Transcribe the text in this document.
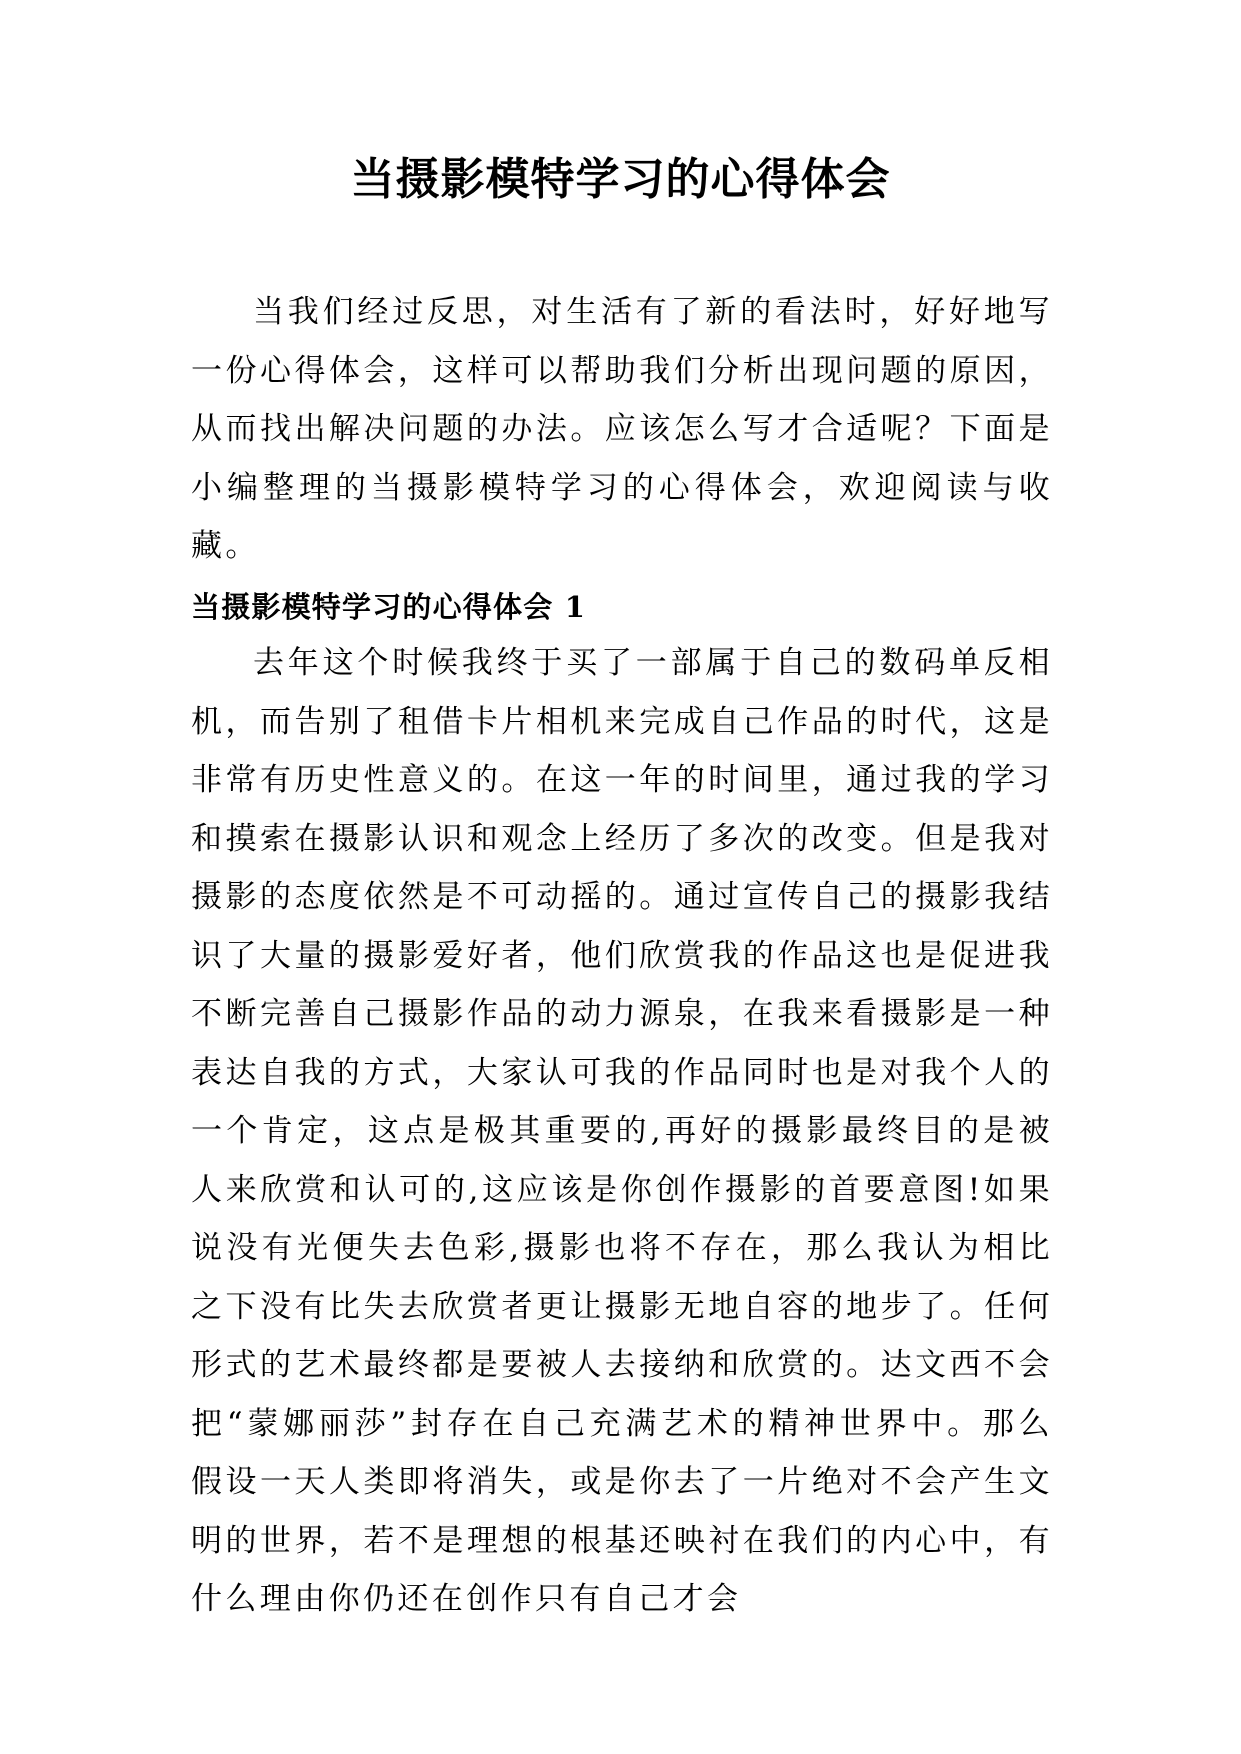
当摄影模特学习的心得体会

当我们经过反思，对生活有了新的看法时，好好地写一份心得体会，这样可以帮助我们分析出现问题的原因，从而找出解决问题的办法。应该怎么写才合适呢？下面是小编整理的当摄影模特学习的心得体会，欢迎阅读与收藏。

当摄影模特学习的心得体会 1

去年这个时候我终于买了一部属于自己的数码单反相机，而告别了租借卡片相机来完成自己作品的时代，这是非常有历史性意义的。在这一年的时间里，通过我的学习和摸索在摄影认识和观念上经历了多次的改变。但是我对摄影的态度依然是不可动摇的。通过宣传自己的摄影我结识了大量的摄影爱好者，他们欣赏我的作品这也是促进我不断完善自己摄影作品的动力源泉，在我来看摄影是一种表达自我的方式，大家认可我的作品同时也是对我个人的一个肯定，这点是极其重要的,再好的摄影最终目的是被人来欣赏和认可的,这应该是你创作摄影的首要意图!如果说没有光便失去色彩,摄影也将不存在，那么我认为相比之下没有比失去欣赏者更让摄影无地自容的地步了。任何形式的艺术最终都是要被人去接纳和欣赏的。达文西不会把“蒙娜丽莎”封存在自己充满艺术的精神世界中。那么假设一天人类即将消失，或是你去了一片绝对不会产生文明的世界，若不是理想的根基还映衬在我们的内心中，有什么理由你仍还在创作只有自己才会
